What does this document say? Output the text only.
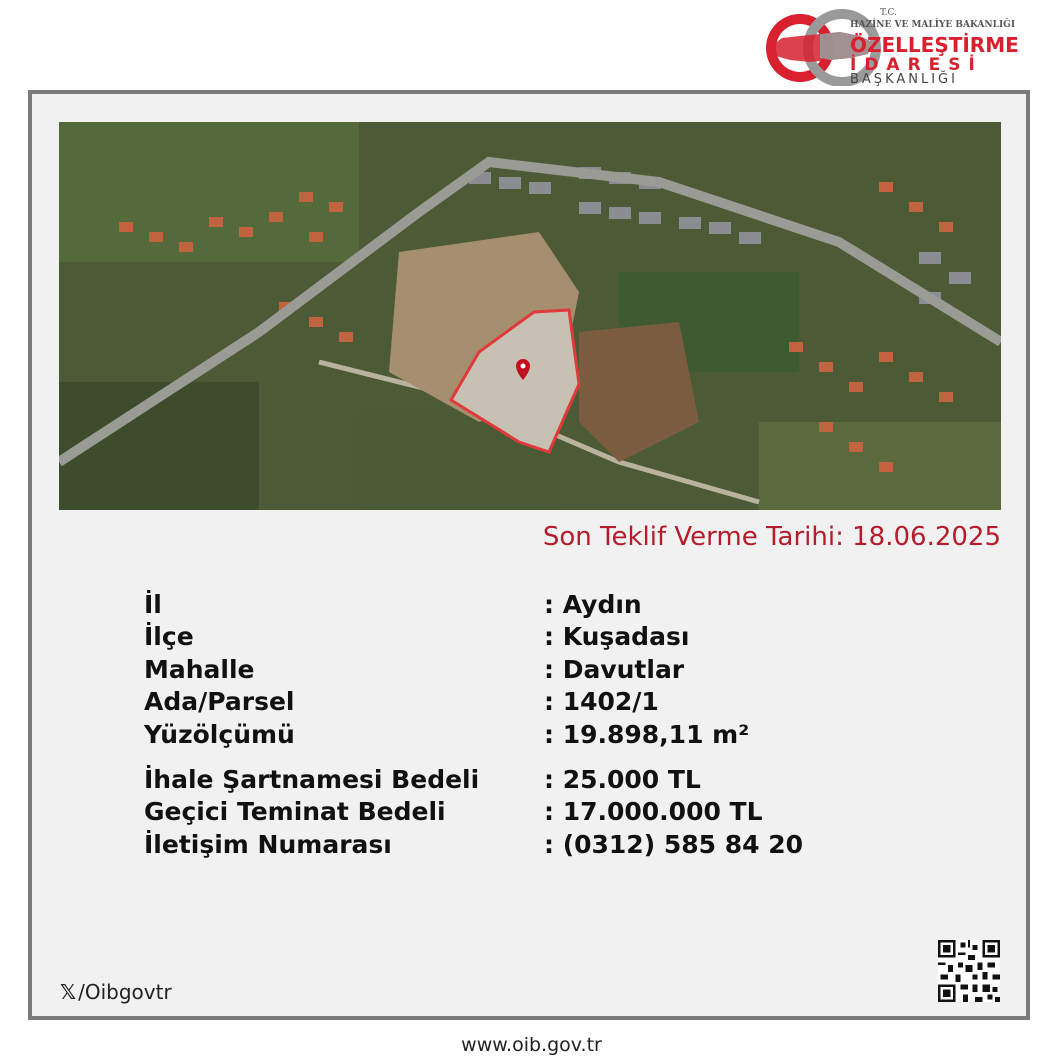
T.C.
HAZİNE VE MALİYE BAKANLIĞI
ÖZELLEŞTİRME
İDARESİ
BAŞKANLIĞI
Son Teklif Verme Tarihi: 18.06.2025
İl	: Aydın
İlçe	: Kuşadası
Mahalle	: Davutlar
Ada/Parsel	: 1402/1
Yüzölçümü	: 19.898,11 m²
İhale Şartnamesi Bedeli	: 25.000 TL
Geçici Teminat Bedeli	: 17.000.000 TL
İletişim Numarası	: (0312) 585 84 20
𝕏 /Oibgovtr
www.oib.gov.tr
